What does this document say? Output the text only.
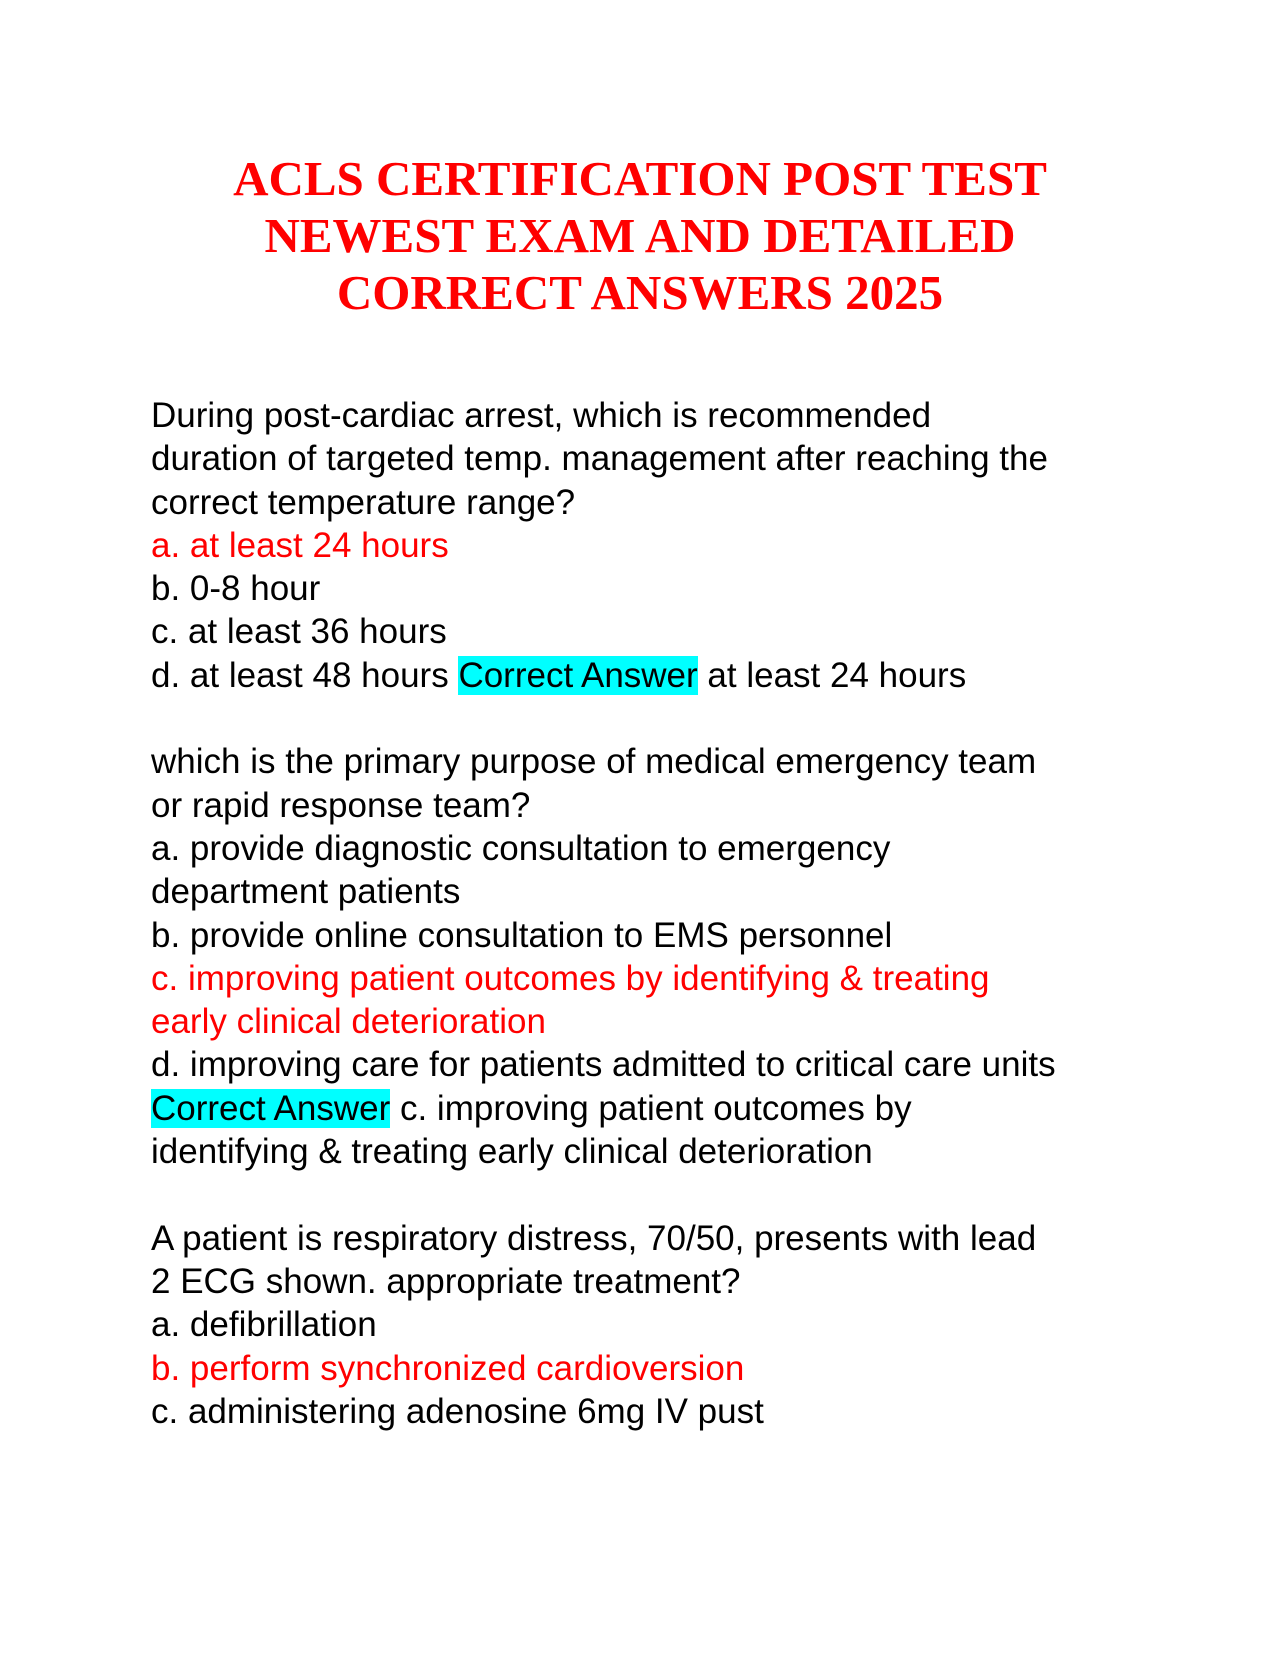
ACLS CERTIFICATION POST TEST
NEWEST EXAM AND DETAILED
CORRECT ANSWERS 2025
During post-cardiac arrest, which is recommended
duration of targeted temp. management after reaching the
correct temperature range?
a. at least 24 hours
b. 0-8 hour
c. at least 36 hours
d. at least 48 hours Correct Answer at least 24 hours
which is the primary purpose of medical emergency team
or rapid response team?
a. provide diagnostic consultation to emergency
department patients
b. provide online consultation to EMS personnel
c. improving patient outcomes by identifying & treating
early clinical deterioration
d. improving care for patients admitted to critical care units
Correct Answer c. improving patient outcomes by
identifying & treating early clinical deterioration
A patient is respiratory distress, 70/50, presents with lead
2 ECG shown. appropriate treatment?
a. defibrillation
b. perform synchronized cardioversion
c. administering adenosine 6mg IV pust
